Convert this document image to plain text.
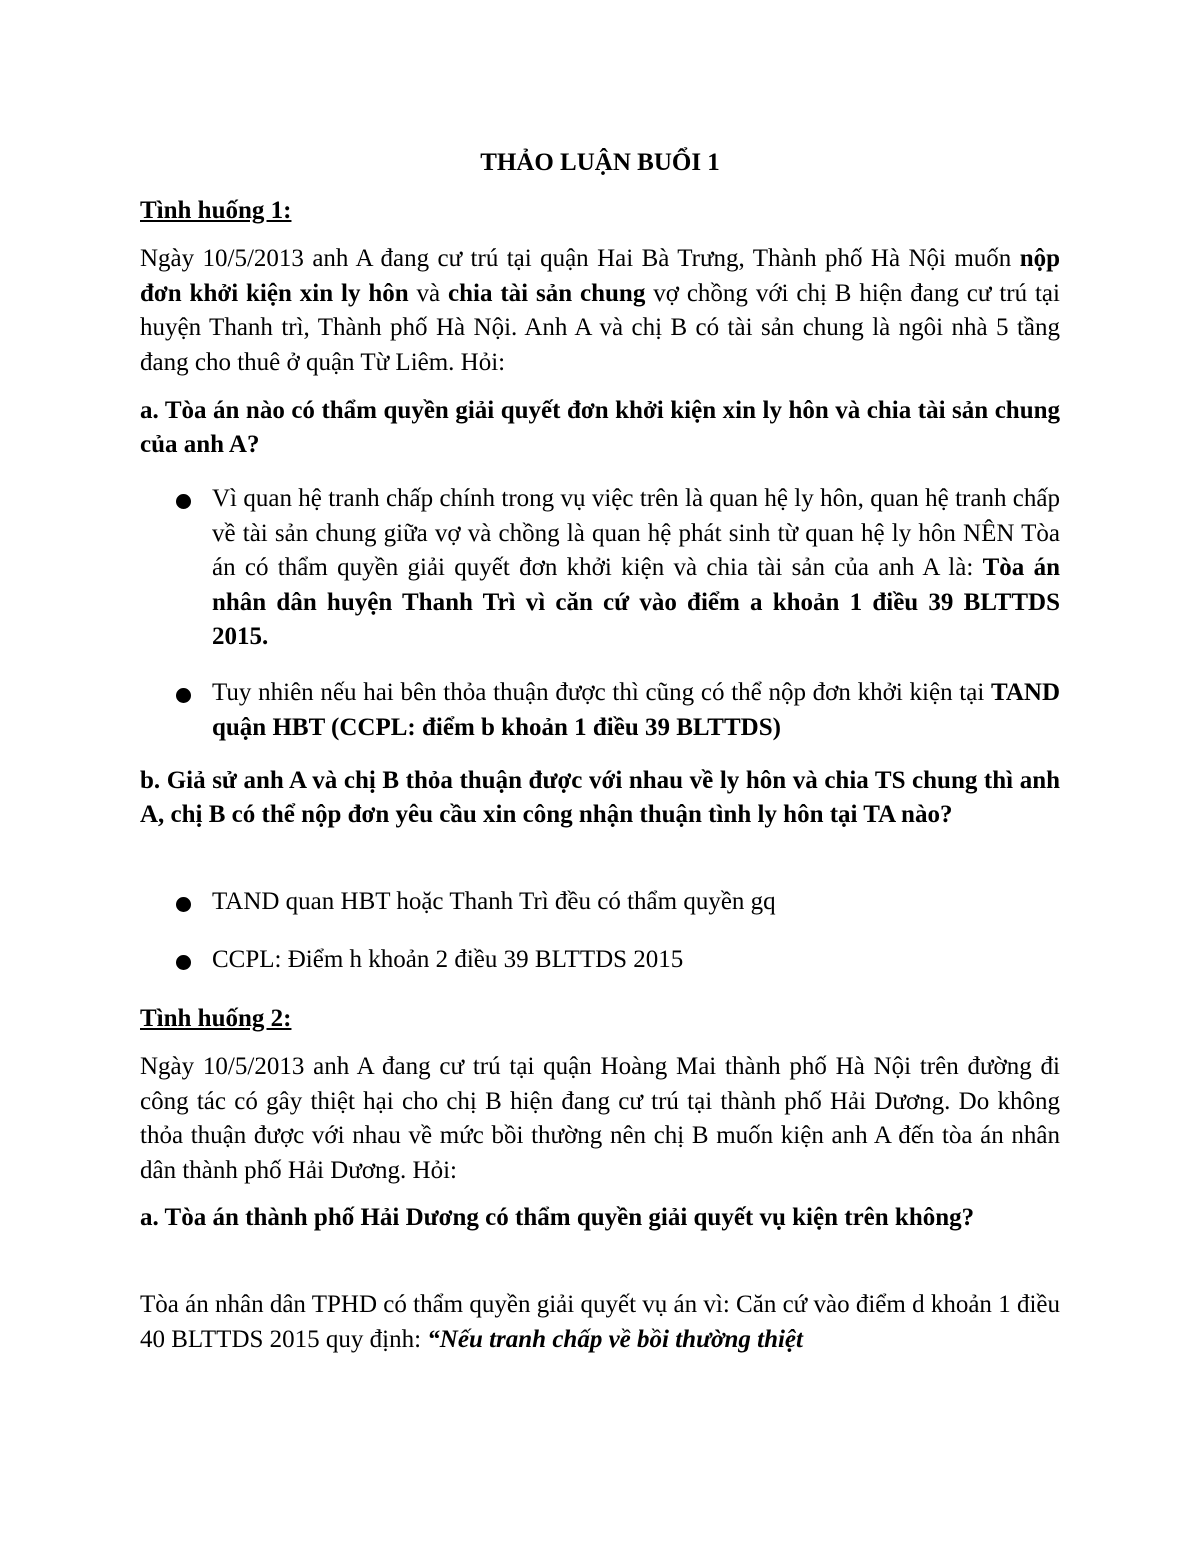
THẢO LUẬN BUỔI 1

Tình huống 1:

Ngày 10/5/2013 anh A đang cư trú tại quận Hai Bà Trưng, Thành phố Hà Nội muốn nộp đơn khởi kiện xin ly hôn và chia tài sản chung vợ chồng với chị B hiện đang cư trú tại huyện Thanh trì, Thành phố Hà Nội. Anh A và chị B có tài sản chung là ngôi nhà 5 tầng đang cho thuê ở quận Từ Liêm. Hỏi:

a. Tòa án nào có thẩm quyền giải quyết đơn khởi kiện xin ly hôn và chia tài sản chung của anh A?

Vì quan hệ tranh chấp chính trong vụ việc trên là quan hệ ly hôn, quan hệ tranh chấp về tài sản chung giữa vợ và chồng là quan hệ phát sinh từ quan hệ ly hôn NÊN Tòa án có thẩm quyền giải quyết đơn khởi kiện và chia tài sản của anh A là: Tòa án nhân dân huyện Thanh Trì vì căn cứ vào điểm a khoản 1 điều 39 BLTTDS 2015.
Tuy nhiên nếu hai bên thỏa thuận được thì cũng có thể nộp đơn khởi kiện tại TAND quận HBT (CCPL: điểm b khoản 1 điều 39 BLTTDS)

b. Giả sử anh A và chị B thỏa thuận được với nhau về ly hôn và chia TS chung thì anh A, chị B có thể nộp đơn yêu cầu xin công nhận thuận tình ly hôn tại TA nào?

TAND quan HBT hoặc Thanh Trì đều có thẩm quyền gq
CCPL: Điểm h khoản 2 điều 39 BLTTDS 2015

Tình huống 2:

Ngày 10/5/2013 anh A đang cư trú tại quận Hoàng Mai thành phố Hà Nội trên đường đi công tác có gây thiệt hại cho chị B hiện đang cư trú tại thành phố Hải Dương. Do không thỏa thuận được với nhau về mức bồi thường nên chị B muốn kiện anh A đến tòa án nhân dân thành phố Hải Dương. Hỏi:

a. Tòa án thành phố Hải Dương có thẩm quyền giải quyết vụ kiện trên không?

Tòa án nhân dân TPHD có thẩm quyền giải quyết vụ án vì: Căn cứ vào điểm d khoản 1 điều 40 BLTTDS 2015 quy định: “Nếu tranh chấp về bồi thường thiệt
